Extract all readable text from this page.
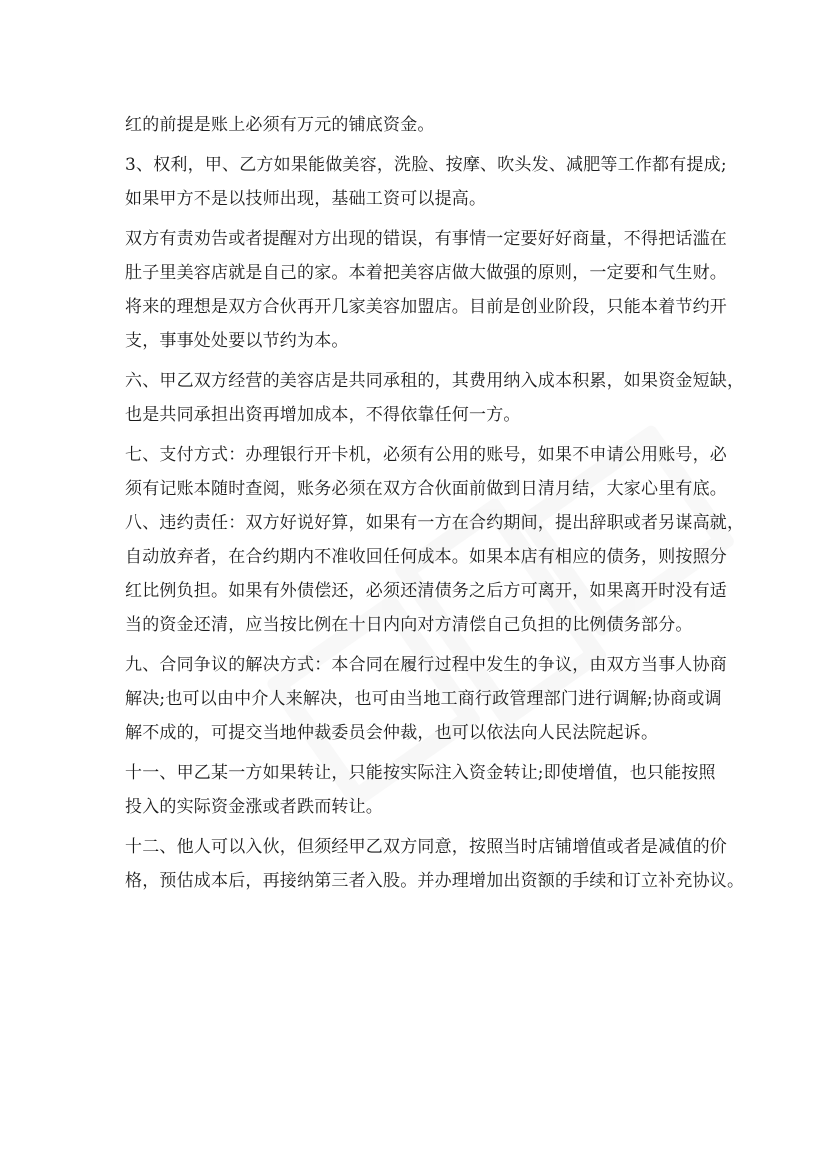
红的前提是账上必须有万元的铺底资金。
3、权利，甲、乙方如果能做美容，洗脸、按摩、吹头发、减肥等工作都有提成;
如果甲方不是以技师出现，基础工资可以提高。
双方有责劝告或者提醒对方出现的错误，有事情一定要好好商量，不得把话滥在
肚子里美容店就是自己的家。本着把美容店做大做强的原则，一定要和气生财。
将来的理想是双方合伙再开几家美容加盟店。目前是创业阶段，只能本着节约开
支，事事处处要以节约为本。
六、甲乙双方经营的美容店是共同承租的，其费用纳入成本积累，如果资金短缺，
也是共同承担出资再增加成本，不得依靠任何一方。
七、支付方式：办理银行开卡机，必须有公用的账号，如果不申请公用账号，必
须有记账本随时查阅，账务必须在双方合伙面前做到日清月结，大家心里有底。
八、违约责任：双方好说好算，如果有一方在合约期间，提出辞职或者另谋高就，
自动放弃者，在合约期内不准收回任何成本。如果本店有相应的债务，则按照分
红比例负担。如果有外债偿还，必须还清债务之后方可离开，如果离开时没有适
当的资金还清，应当按比例在十日内向对方清偿自己负担的比例债务部分。
九、合同争议的解决方式：本合同在履行过程中发生的争议，由双方当事人协商
解决;也可以由中介人来解决，也可由当地工商行政管理部门进行调解;协商或调
解不成的，可提交当地仲裁委员会仲裁，也可以依法向人民法院起诉。
十一、甲乙某一方如果转让，只能按实际注入资金转让;即使增值，也只能按照
投入的实际资金涨或者跌而转让。
十二、他人可以入伙，但须经甲乙双方同意，按照当时店铺增值或者是减值的价
格，预估成本后，再接纳第三者入股。并办理增加出资额的手续和订立补充协议。
